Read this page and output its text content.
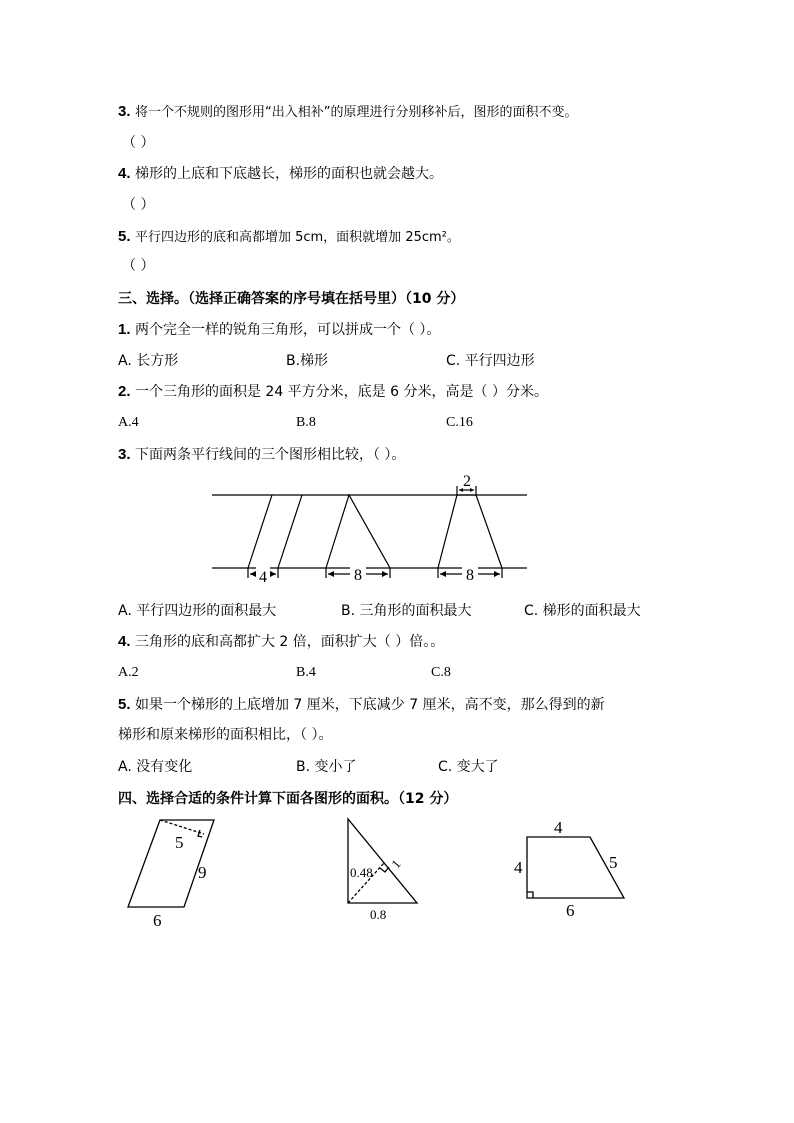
3. 将一个不规则的图形用“出入相补”的原理进行分别移补后，图形的面积不变。
（ ）
4. 梯形的上底和下底越长，梯形的面积也就会越大。
（ ）
5. 平行四边形的底和高都增加 5cm，面积就增加 25cm²。
（ ）
三、选择。（选择正确答案的序号填在括号里）（10 分）
1. 两个完全一样的锐角三角形，可以拼成一个（ ）。
A. 长方形	B.梯形	C. 平行四边形
2. 一个三角形的面积是 24 平方分米，底是 6 分米，高是（ ）分米。
A.4	B.8	C.16
3. 下面两条平行线间的三个图形相比较，（ ）。
4	8	8
2
A. 平行四边形的面积最大	B. 三角形的面积最大	C. 梯形的面积最大
4. 三角形的底和高都扩大 2 倍，面积扩大（ ）倍。。
A.2	B.4	C.8
5. 如果一个梯形的上底增加 7 厘米，下底减少 7 厘米，高不变，那么得到的新
梯形和原来梯形的面积相比，（ ）。
A. 没有变化	B. 变小了	C. 变大了
四、选择合适的条件计算下面各图形的面积。（12 分）
5
9
6
0.48
1
0.8
4
4	5
6
